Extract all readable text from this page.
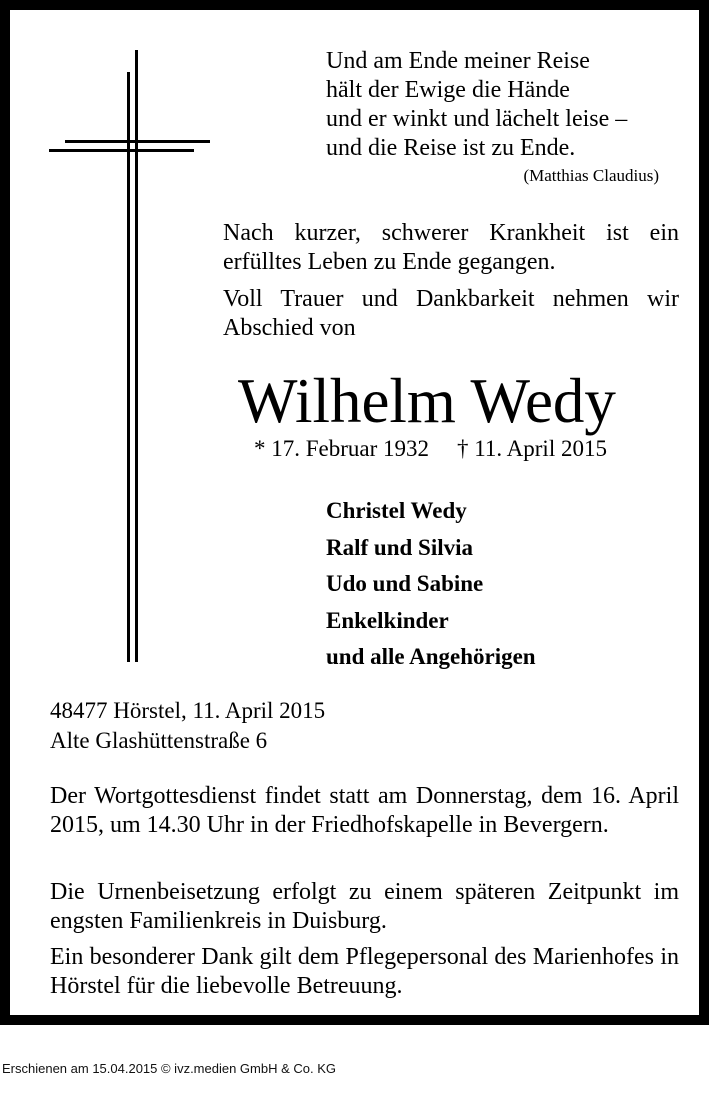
Und am Ende meiner Reise
hält der Ewige die Hände
und er winkt und lächelt leise –
und die Reise ist zu Ende.
(Matthias Claudius)
Nach kurzer, schwerer Krankheit ist ein erfülltes Leben zu Ende gegangen.
Voll Trauer und Dankbarkeit nehmen wir Abschied von
Wilhelm Wedy
* 17. Februar 1932 † 11. April 2015
Christel Wedy
Ralf und Silvia
Udo und Sabine
Enkelkinder
und alle Angehörigen
48477 Hörstel, 11. April 2015
Alte Glashüttenstraße 6
Der Wortgottesdienst findet statt am Donnerstag, dem 16. April 2015, um 14.30 Uhr in der Friedhofskapelle in Bevergern.
Die Urnenbeisetzung erfolgt zu einem späteren Zeitpunkt im engsten Familienkreis in Duisburg.
Ein besonderer Dank gilt dem Pflegepersonal des Marienhofes in Hörstel für die liebevolle Betreuung.
Erschienen am 15.04.2015 © ivz.medien GmbH & Co. KG
